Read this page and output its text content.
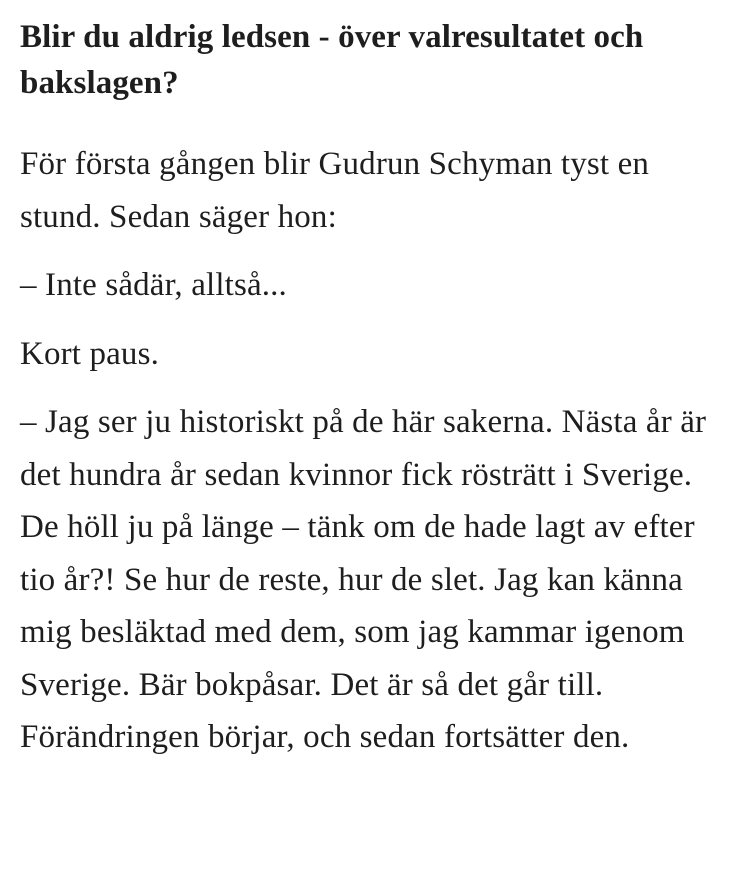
Blir du aldrig ledsen - över valresultatet och bakslagen?

För första gången blir Gudrun Schyman tyst en stund. Sedan säger hon:

– Inte sådär, alltså...

Kort paus.

– Jag ser ju historiskt på de här sakerna. Nästa år är det hundra år sedan kvinnor fick rösträtt i Sverige. De höll ju på länge – tänk om de hade lagt av efter tio år?! Se hur de reste, hur de slet. Jag kan känna mig besläktad med dem, som jag kammar igenom Sverige. Bär bokpåsar. Det är så det går till. Förändringen börjar, och sedan fortsätter den.
